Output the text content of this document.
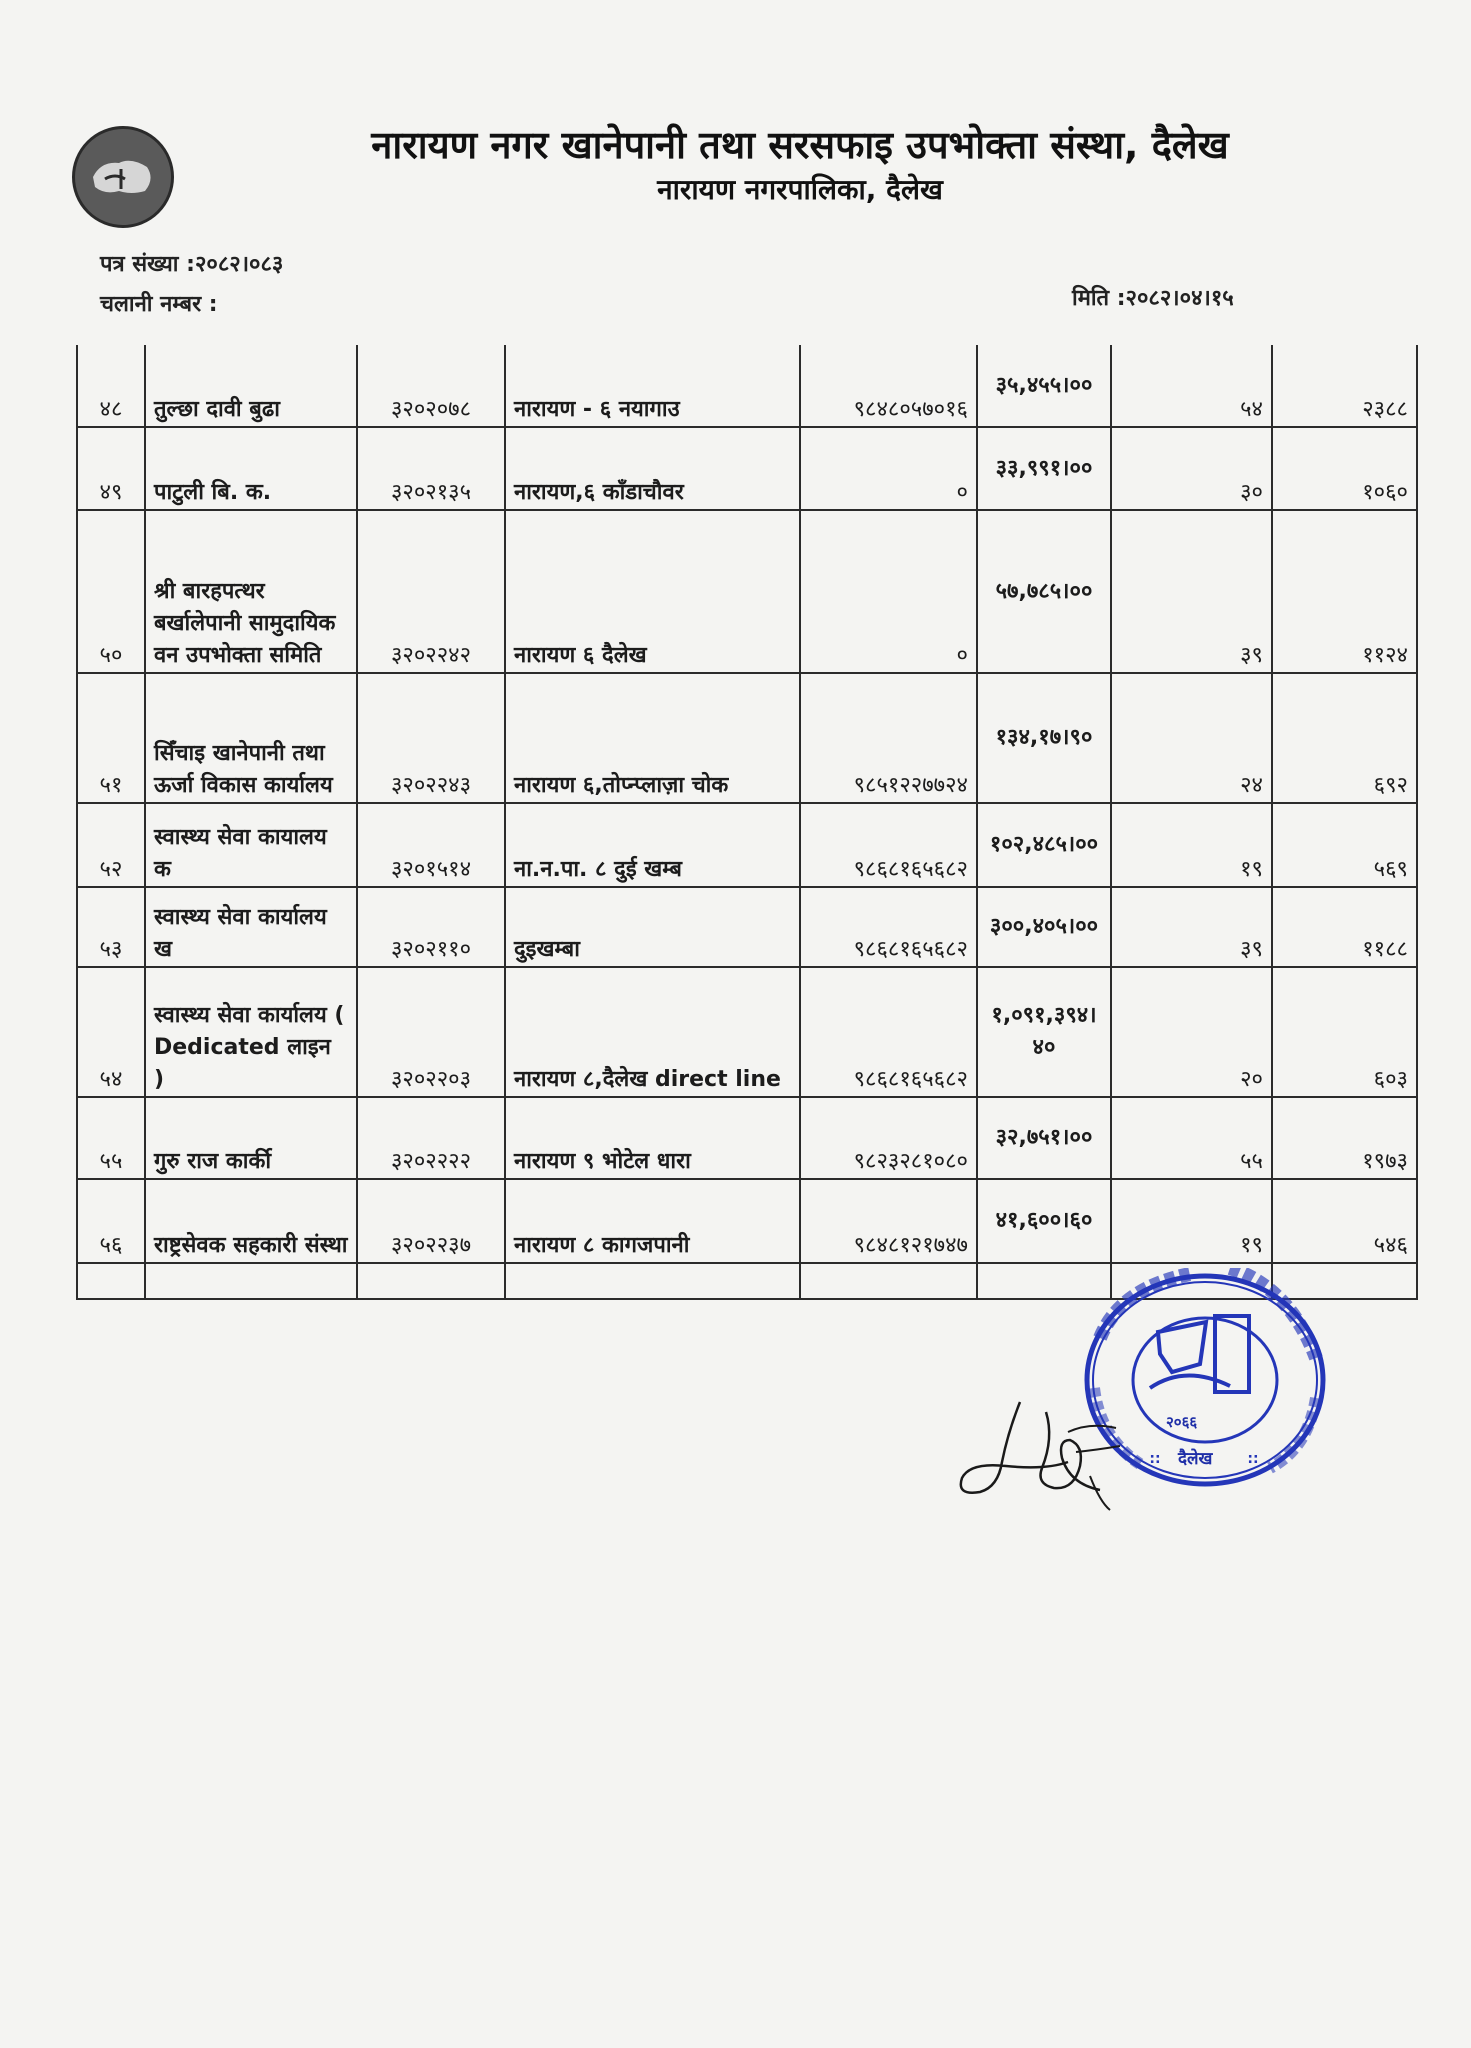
नारायण नगर खानेपानी तथा सरसफाइ उपभोक्ता संस्था, दैलेख
नारायण नगरपालिका, दैलेख
पत्र संख्या :२०८२।०८३
चलानी नम्बर :	मिति :२०८२।०४।१५
४८	तुल्छा दावी बुढा	३२०२०७८	नारायण - ६ नयागाउ	९८४८०५७०१६	३५,४५५।००	५४	२३८८
४९	पाटुली बि. क.	३२०२१३५	नारायण,६ काँडाचौवर	०	३३,९९१।००	३०	१०६०
५०	श्री बारहपत्थर बर्खालेपानी सामुदायिक वन उपभोक्ता समिति	३२०२२४२	नारायण ६ दैलेख	०	५७,७८५।००	३९	११२४
५१	सिँचाइ खानेपानी तथा ऊर्जा विकास कार्यालय	३२०२२४३	नारायण ६,तोप्न्प्लाज़ा चोक	९८५१२२७७२४	१३४,१७।९०	२४	६९२
५२	स्वास्थ्य सेवा कायालय क	३२०१५१४	ना.न.पा. ८ दुई खम्ब	९८६८१६५६८२	१०२,४८५।००	१९	५६९
५३	स्वास्थ्य सेवा कार्यालय ख	३२०२११०	दुइखम्बा	९८६८१६५६८२	३००,४०५।००	३९	११८८
५४	स्वास्थ्य सेवा कार्यालय ( Dedicated लाइन )	३२०२२०३	नारायण ८,दैलेख direct line	९८६८१६५६८२	१,०९१,३९४।४०	२०	६०३
५५	गुरु राज कार्की	३२०२२२२	नारायण ९ भोटेल धारा	९८२३२८१०८०	३२,७५१।००	५५	१९७३
५६	राष्ट्रसेवक सहकारी संस्था	३२०२२३७	नारायण ८ कागजपानी	९८४८१२१७४७	४१,६००।६०	१९	५४६

∷	∷
२०६६
दैलेख
